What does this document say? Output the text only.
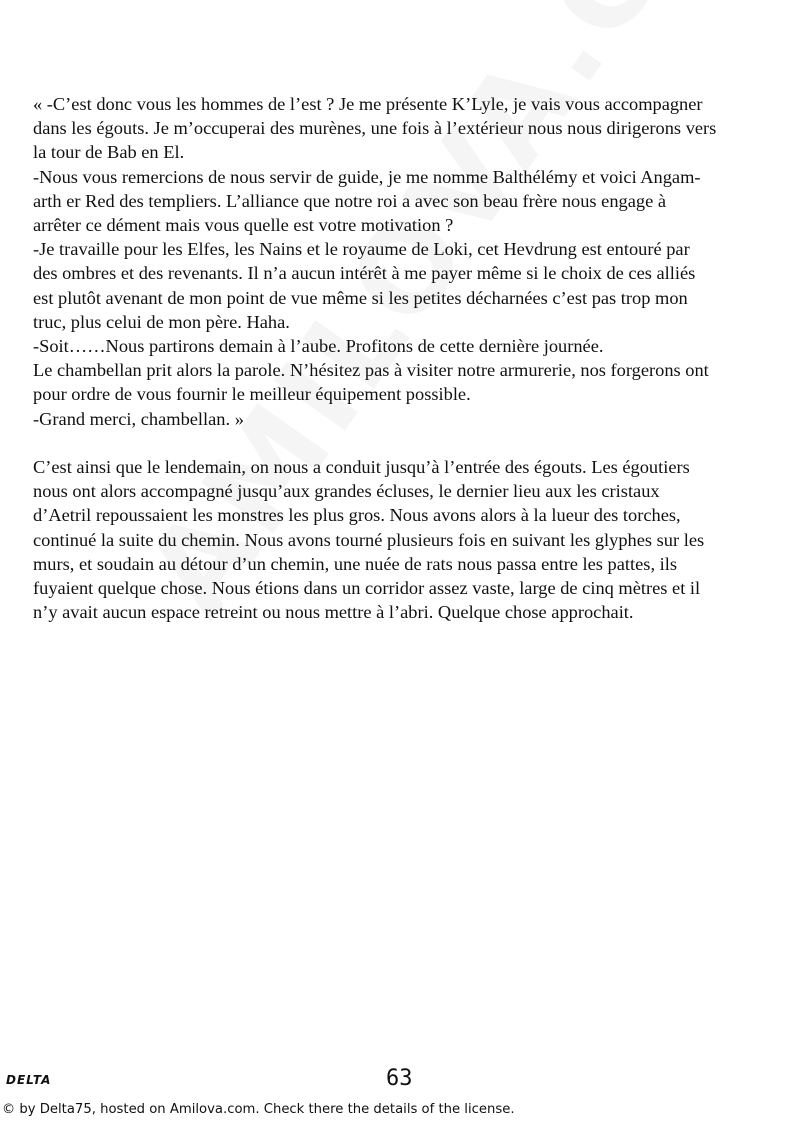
« -C’est donc vous les hommes de l’est ? Je me présente K’Lyle, je vais vous accompagner
dans les égouts. Je m’occuperai des murènes, une fois à l’extérieur nous nous dirigerons vers
la tour de Bab en El.
-Nous vous remercions de nous servir de guide, je me nomme Balthélémy et voici Angam-
arth er Red des templiers. L’alliance que notre roi a avec son beau frère nous engage à
arrêter ce dément mais vous quelle est votre motivation ?
-Je travaille pour les Elfes, les Nains et le royaume de Loki, cet Hevdrung est entouré par
des ombres et des revenants. Il n’a aucun intérêt à me payer même si le choix de ces alliés
est plutôt avenant de mon point de vue même si les petites décharnées c’est pas trop mon
truc, plus celui de mon père. Haha.
-Soit……Nous partirons demain à l’aube. Profitons de cette dernière journée.
Le chambellan prit alors la parole. N’hésitez pas à visiter notre armurerie, nos forgerons ont
pour ordre de vous fournir le meilleur équipement possible.
-Grand merci, chambellan. »

C’est ainsi que le lendemain, on nous a conduit jusqu’à l’entrée des égouts. Les égoutiers
nous ont alors accompagné jusqu’aux grandes écluses, le dernier lieu aux les cristaux
d’Aetril repoussaient les monstres les plus gros. Nous avons alors à la lueur des torches,
continué la suite du chemin. Nous avons tourné plusieurs fois en suivant les glyphes sur les
murs, et soudain au détour d’un chemin, une nuée de rats nous passa entre les pattes, ils
fuyaient quelque chose. Nous étions dans un corridor assez vaste, large de cinq mètres et il
n’y avait aucun espace retreint ou nous mettre à l’abri. Quelque chose approchait.

DELTA	63
© by Delta75, hosted on Amilova.com. Check there the details of the license.
